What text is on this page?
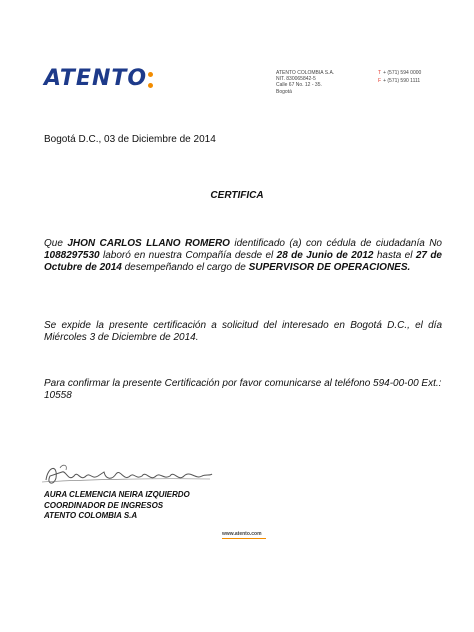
ATENTO	ATENTO COLOMBIA S.A.
NIT. 830065842-5
Calle 67 No. 12 - 35.
Bogotá
T + (571) 594 0000
F + (571) 590 1111
Bogotá D.C., 03 de Diciembre de 2014
CERTIFICA
Que JHON CARLOS LLANO ROMERO identificado (a) con cédula de ciudadanía No 1088297530 laboró en nuestra Compañía desde el 28 de Junio de 2012 hasta el 27 de Octubre de 2014 desempeñando el cargo de SUPERVISOR DE OPERACIONES.
Se expide la presente certificación a solicitud del interesado en Bogotá D.C., el día Miércoles 3 de Diciembre de 2014.
Para confirmar la presente Certificación por favor comunicarse al teléfono 594-00-00 Ext.: 10558
AURA CLEMENCIA NEIRA IZQUIERDO
COORDINADOR DE INGRESOS
ATENTO COLOMBIA S.A
www.atento.com
